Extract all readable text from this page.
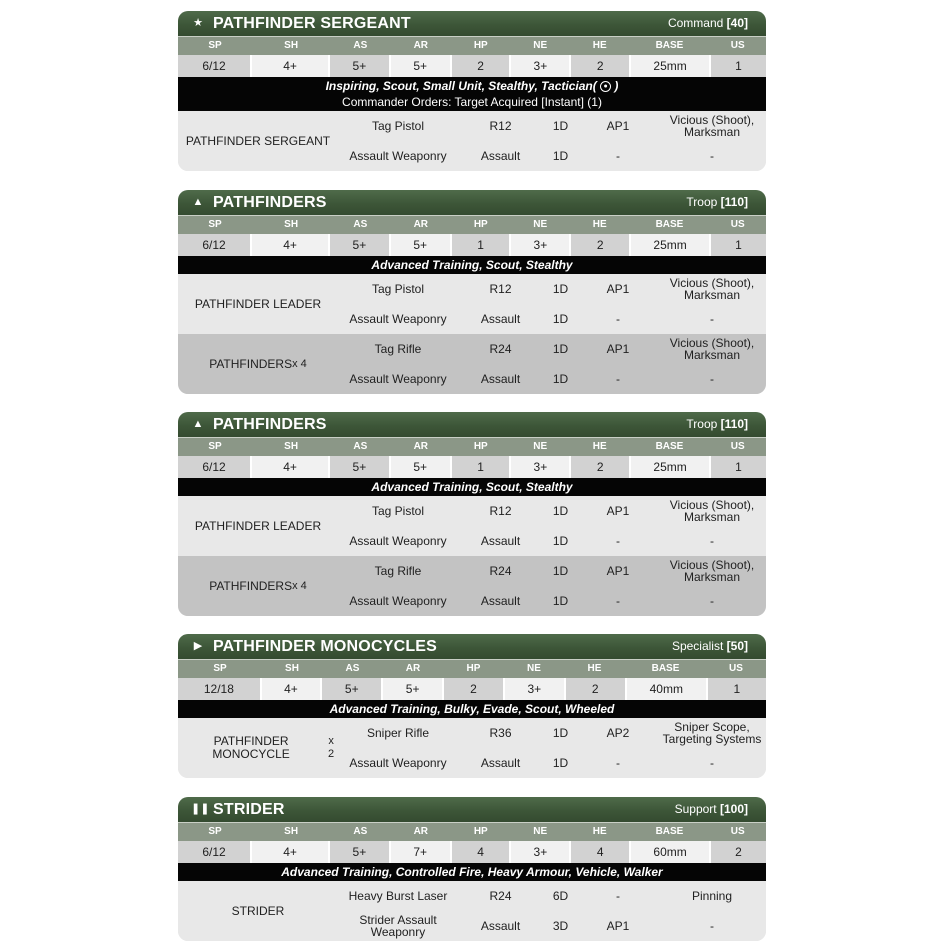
★ PATHFINDER SERGEANT	Command [40]
SP	SH	AS	AR	HP	NE	HE	BASE	US
6/12	4+	5+	5+	2	3+	2	25mm	1
Inspiring, Scout, Small Unit, Stealthy, Tactician( ● )
Commander Orders: Target Acquired [Instant] (1)
PATHFINDER SERGEANT
Tag Pistol	R12	1D	AP1	Vicious (Shoot), Marksman
Assault Weaponry	Assault	1D	-	-
▲ PATHFINDERS	Troop [110]
SP	SH	AS	AR	HP	NE	HE	BASE	US
6/12	4+	5+	5+	1	3+	2	25mm	1
Advanced Training, Scout, Stealthy
PATHFINDER LEADER
Tag Pistol	R12	1D	AP1	Vicious (Shoot), Marksman
Assault Weaponry	Assault	1D	-	-
PATHFINDERS x 4
Tag Rifle	R24	1D	AP1	Vicious (Shoot), Marksman
Assault Weaponry	Assault	1D	-	-
▲ PATHFINDERS	Troop [110]
SP	SH	AS	AR	HP	NE	HE	BASE	US
6/12	4+	5+	5+	1	3+	2	25mm	1
Advanced Training, Scout, Stealthy
PATHFINDER LEADER
Tag Pistol	R12	1D	AP1	Vicious (Shoot), Marksman
Assault Weaponry	Assault	1D	-	-
PATHFINDERS x 4
Tag Rifle	R24	1D	AP1	Vicious (Shoot), Marksman
Assault Weaponry	Assault	1D	-	-
▶ PATHFINDER MONOCYCLES	Specialist [50]
SP	SH	AS	AR	HP	NE	HE	BASE	US
12/18	4+	5+	5+	2	3+	2	40mm	1
Advanced Training, Bulky, Evade, Scout, Wheeled
PATHFINDER MONOCYCLE
x 2
Sniper Rifle	R36	1D	AP2	Sniper Scope, Targeting Systems
Assault Weaponry	Assault	1D	-	-
❚❚ STRIDER	Support [100]
SP	SH	AS	AR	HP	NE	HE	BASE	US
6/12	4+	5+	7+	4	3+	4	60mm	2
Advanced Training, Controlled Fire, Heavy Armour, Vehicle, Walker
STRIDER
Heavy Burst Laser	R24	6D	-	Pinning
Strider Assault Weaponry	Assault	3D	AP1	-
